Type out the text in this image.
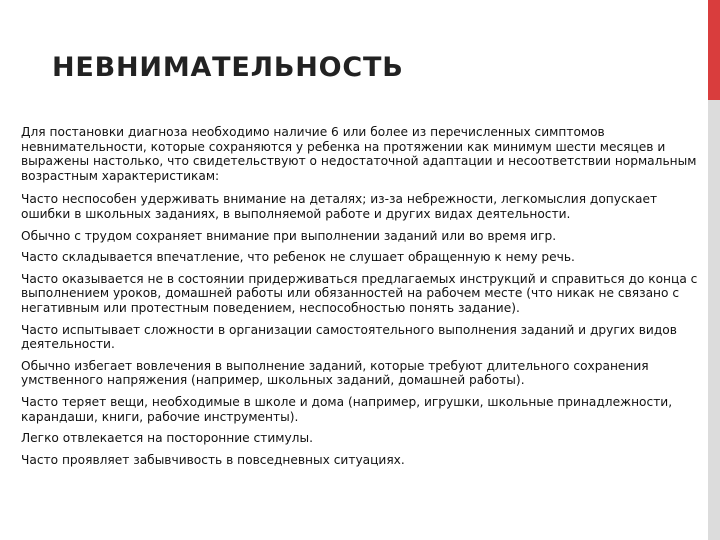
НЕВНИМАТЕЛЬНОСТЬ

Для постановки диагноза необходимо наличие 6 или более из перечисленных симптомов невнимательности, которые сохраняются у ребенка на протяжении как минимум шести месяцев и выражены настолько, что свидетельствуют о недостаточной адаптации и несоответствии нормальным возрастным характеристикам:

Часто неспособен удерживать внимание на деталях; из-за небрежности, легкомыслия допускает ошибки в школьных заданиях, в выполняемой работе и других видах деятельности.

Обычно с трудом сохраняет внимание при выполнении заданий или во время игр.

Часто складывается впечатление, что ребенок не слушает обращенную к нему речь.

Часто оказывается не в состоянии придерживаться предлагаемых инструкций и справиться до конца с выполнением уроков, домашней работы или обязанностей на рабочем месте (что никак не связано с негативным или протестным поведением, неспособностью понять задание).

Часто испытывает сложности в организации самостоятельного выполнения заданий и других видов деятельности.

Обычно избегает вовлечения в выполнение заданий, которые требуют длительного сохранения умственного напряжения (например, школьных заданий, домашней работы).

Часто теряет вещи, необходимые в школе и дома (например, игрушки, школьные принадлежности, карандаши, книги, рабочие инструменты).

Легко отвлекается на посторонние стимулы.

Часто проявляет забывчивость в повседневных ситуациях.
